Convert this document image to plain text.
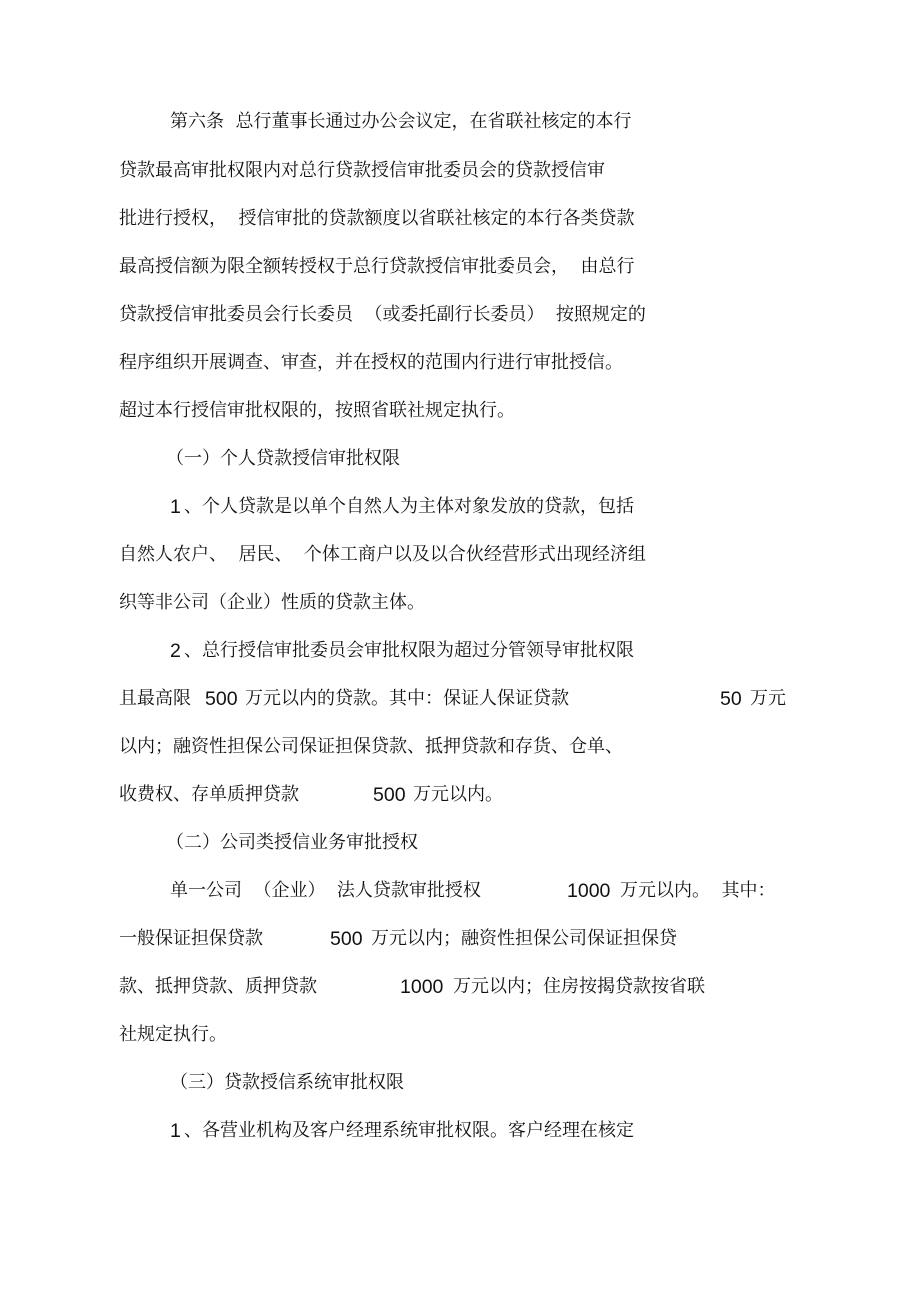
第六条  总行董事长通过办公会议定，在省联社核定的本行
贷款最高审批权限内对总行贷款授信审批委员会的贷款授信审
批进行授权，  授信审批的贷款额度以省联社核定的本行各类贷款
最高授信额为限全额转授权于总行贷款授信审批委员会，  由总行
贷款授信审批委员会行长委员  （或委托副行长委员）  按照规定的
程序组织开展调查、审查，并在授权的范围内行进行审批授信。
超过本行授信审批权限的，按照省联社规定执行。
（一）个人贷款授信审批权限
1 、个人贷款是以单个自然人为主体对象发放的贷款，包括
自然人农户、  居民、  个体工商户以及以合伙经营形式出现经济组
织等非公司（企业）性质的贷款主体。
2 、总行授信审批委员会审批权限为超过分管领导审批权限
且最高限 500 万元以内的贷款。其中：保证人保证贷款	50 万元
以内；融资性担保公司保证担保贷款、抵押贷款和存货、仓单、
收费权、存单质押贷款	500 万元以内。
（二）公司类授信业务审批授权
单一公司  （企业）  法人贷款审批授权	1000 万元以内。  其中：
一般保证担保贷款	500 万元以内；融资性担保公司保证担保贷
款、抵押贷款、质押贷款	1000 万元以内；住房按揭贷款按省联
社规定执行。
（三）贷款授信系统审批权限
1 、各营业机构及客户经理系统审批权限。客户经理在核定
